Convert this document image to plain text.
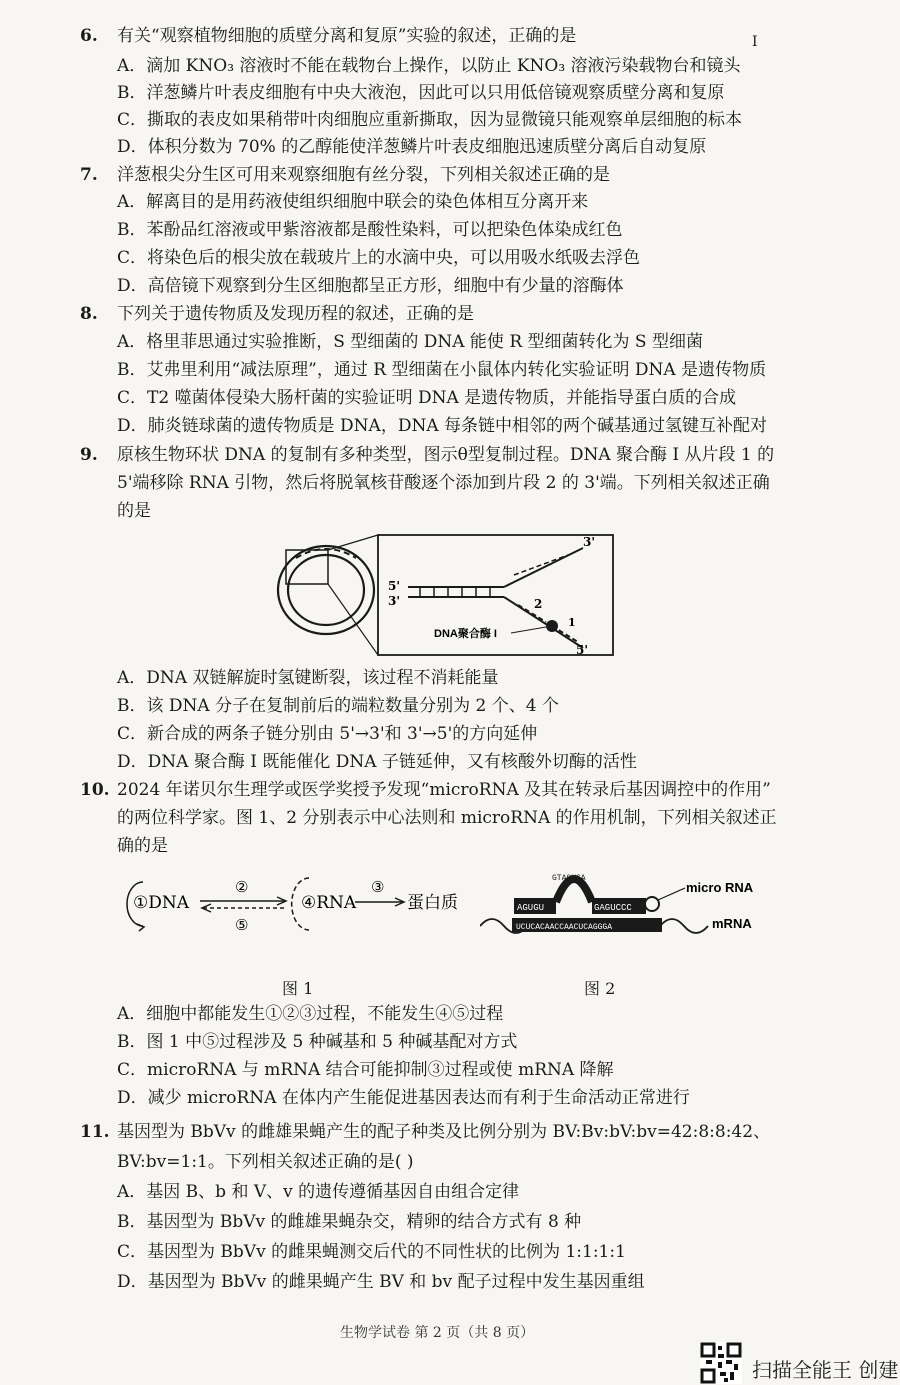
I
6. 有关“观察植物细胞的质壁分离和复原”实验的叙述，正确的是
A．滴加 KNO₃ 溶液时不能在载物台上操作，以防止 KNO₃ 溶液污染载物台和镜头
B．洋葱鳞片叶表皮细胞有中央大液泡，因此可以只用低倍镜观察质壁分离和复原
C．撕取的表皮如果稍带叶肉细胞应重新撕取，因为显微镜只能观察单层细胞的标本
D．体积分数为 70% 的乙醇能使洋葱鳞片叶表皮细胞迅速质壁分离后自动复原
7. 洋葱根尖分生区可用来观察细胞有丝分裂，下列相关叙述正确的是
A．解离目的是用药液使组织细胞中联会的染色体相互分离开来
B．苯酚品红溶液或甲紫溶液都是酸性染料，可以把染色体染成红色
C．将染色后的根尖放在载玻片上的水滴中央，可以用吸水纸吸去浮色
D．高倍镜下观察到分生区细胞都呈正方形，细胞中有少量的溶酶体
8. 下列关于遗传物质及发现历程的叙述，正确的是
A．格里菲思通过实验推断，S 型细菌的 DNA 能使 R 型细菌转化为 S 型细菌
B．艾弗里利用“减法原理”，通过 R 型细菌在小鼠体内转化实验证明 DNA 是遗传物质
C．T2 噬菌体侵染大肠杆菌的实验证明 DNA 是遗传物质，并能指导蛋白质的合成
D．肺炎链球菌的遗传物质是 DNA，DNA 每条链中相邻的两个碱基通过氢键互补配对
9. 原核生物环状 DNA 的复制有多种类型，图示θ型复制过程。DNA 聚合酶 I 从片段 1 的
5'端移除 RNA 引物，然后将脱氧核苷酸逐个添加到片段 2 的 3'端。下列相关叙述正确
的是
5'
3'
3'
5'
2
1
DNA聚合酶 I
A．DNA 双链解旋时氢键断裂，该过程不消耗能量
B．该 DNA 分子在复制前后的端粒数量分别为 2 个、4 个
C．新合成的两条子链分别由 5'→3'和 3'→5'的方向延伸
D．DNA 聚合酶 I 既能催化 DNA 子链延伸，又有核酸外切酶的活性
10. 2024 年诺贝尔生理学或医学奖授予发现“microRNA 及其在转录后基因调控中的作用”
的两位科学家。图 1、2 分别表示中心法则和 microRNA 的作用机制，下列相关叙述正
确的是
①DNA
②
⑤
④RNA
③
蛋白质
UCUCACAACCAACUCAGGGA
AGUGU	GAGUCCC
GTACUCA
micro RNA
mRNA
图 1	图 2
A．细胞中都能发生①②③过程，不能发生④⑤过程
B．图 1 中⑤过程涉及 5 种碱基和 5 种碱基配对方式
C．microRNA 与 mRNA 结合可能抑制③过程或使 mRNA 降解
D．减少 microRNA 在体内产生能促进基因表达而有利于生命活动正常进行
11. 基因型为 BbVv 的雌雄果蝇产生的配子种类及比例分别为 BV:Bv:bV:bv=42:8:8:42、
BV:bv=1:1。下列相关叙述正确的是( )
A．基因 B、b 和 V、v 的遗传遵循基因自由组合定律
B．基因型为 BbVv 的雌雄果蝇杂交，精卵的结合方式有 8 种
C．基因型为 BbVv 的雌果蝇测交后代的不同性状的比例为 1:1:1:1
D．基因型为 BbVv 的雌果蝇产生 BV 和 bv 配子过程中发生基因重组
生物学试卷 第 2 页（共 8 页）
扫描全能王 创建
